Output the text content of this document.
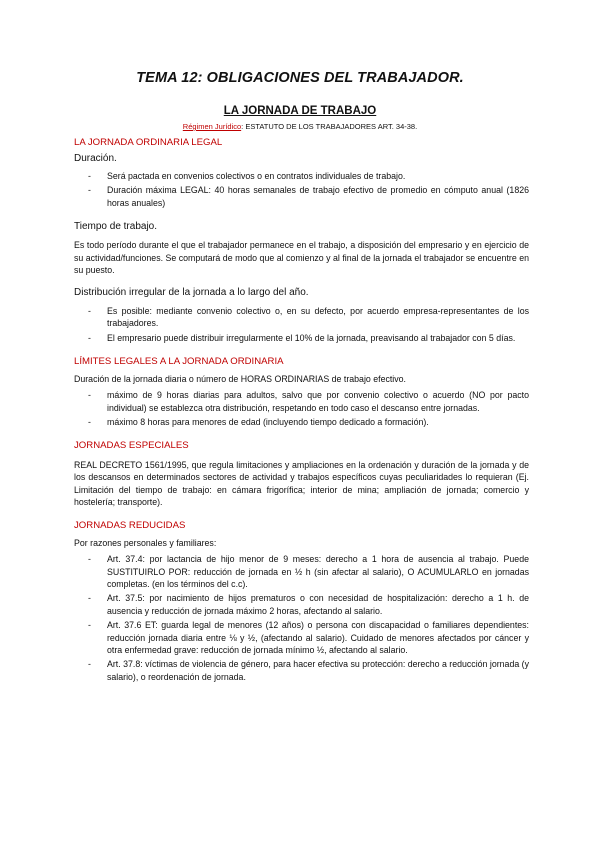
TEMA 12: OBLIGACIONES DEL TRABAJADOR.
LA JORNADA DE TRABAJO
Régimen Jurídico: ESTATUTO DE LOS TRABAJADORES ART. 34-38.

LA JORNADA ORDINARIA LEGAL

Duración.

- Será pactada en convenios colectivos o en contratos individuales de trabajo.
- Duración máxima LEGAL: 40 horas semanales de trabajo efectivo de promedio en cómputo anual (1826 horas anuales)

Tiempo de trabajo.

Es todo período durante el que el trabajador permanece en el trabajo, a disposición del empresario y en ejercicio de su actividad/funciones. Se computará de modo que al comienzo y al final de la jornada el trabajador se encuentre en su puesto.

Distribución irregular de la jornada a lo largo del año.

- Es posible: mediante convenio colectivo o, en su defecto, por acuerdo empresa-representantes de los trabajadores.
- El empresario puede distribuir irregularmente el 10% de la jornada, preavisando al trabajador con 5 días.

LÍMITES LEGALES A LA JORNADA ORDINARIA

Duración de la jornada diaria o número de HORAS ORDINARIAS de trabajo efectivo.

- máximo de 9 horas diarias para adultos, salvo que por convenio colectivo o acuerdo (NO por pacto individual) se establezca otra distribución, respetando en todo caso el descanso entre jornadas.
- máximo 8 horas para menores de edad (incluyendo tiempo dedicado a formación).

JORNADAS ESPECIALES

REAL DECRETO 1561/1995, que regula limitaciones y ampliaciones en la ordenación y duración de la jornada y de los descansos en determinados sectores de actividad y trabajos específicos cuyas peculiaridades lo requieran (Ej. Limitación del tiempo de trabajo: en cámara frigorífica; interior de mina; ampliación de jornada; comercio y hostelería; transporte).

JORNADAS REDUCIDAS

Por razones personales y familiares:

- Art. 37.4: por lactancia de hijo menor de 9 meses: derecho a 1 hora de ausencia al trabajo. Puede SUSTITUIRLO POR: reducción de jornada en ½ h (sin afectar al salario), O ACUMULARLO en jornadas completas. (en los términos del c.c).
- Art. 37.5: por nacimiento de hijos prematuros o con necesidad de hospitalización: derecho a 1 h. de ausencia y reducción de jornada máximo 2 horas, afectando al salario.
- Art. 37.6 ET: guarda legal de menores (12 años) o persona con discapacidad o familiares dependientes: reducción jornada diaria entre ⅛ y ½, (afectando al salario). Cuidado de menores afectados por cáncer y otra enfermedad grave: reducción de jornada mínimo ½, afectando al salario.
- Art. 37.8: víctimas de violencia de género, para hacer efectiva su protección: derecho a reducción jornada (y salario), o reordenación de jornada.
